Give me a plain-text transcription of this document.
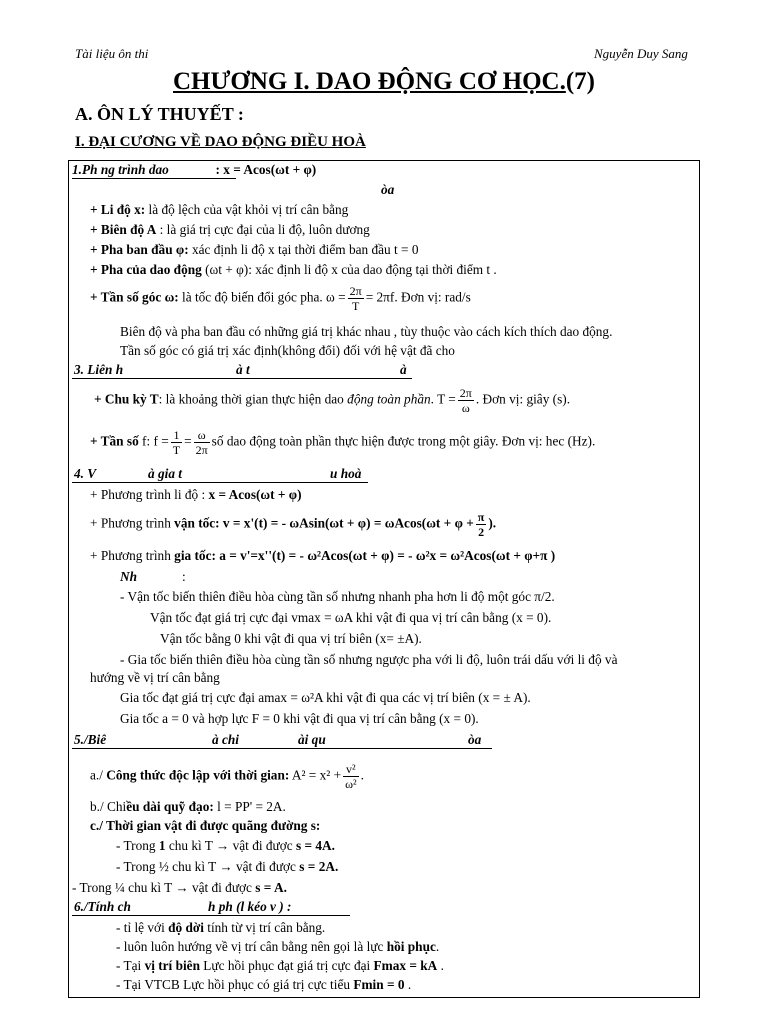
Tài liệu ôn thi	Nguyễn Duy Sang
CHƯƠNG I. DAO ĐỘNG CƠ HỌC.(7)
A. ÔN LÝ THUYẾT :
I. ĐẠI CƯƠNG VỀ DAO ĐỘNG ĐIỀU HOÀ
1.Ph ng trình dao	: x = Acos(ωt + φ)
òa
+ Li độ x: là độ lệch của vật khỏi vị trí cân bằng
+ Biên độ A : là giá trị cực đại của li độ, luôn dương
+ Pha ban đầu φ: xác định li độ x tại thời điểm ban đầu t = 0
+ Pha của dao động (ωt + φ): xác định li độ x của dao động tại thời điểm t .
+ Tần số góc ω: là tốc độ biến đổi góc pha. $\omega = \frac{2\pi}{T} = 2\pi f$. Đơn vị: rad/s
Biên độ và pha ban đầu có những giá trị khác nhau , tùy thuộc vào cách kích thích dao động.
Tần số góc có giá trị xác định(không đổi) đối với hệ vật đã cho
3. Liên h	à t	à
+ Chu kỳ T: là khoảng thời gian thực hiện dao động toàn phần. $T = \frac{2\pi}{\omega}$ . Đơn vị: giây (s).
+ Tần số f: $f = \frac{1}{T} = \frac{\omega}{2\pi}$ số dao động toàn phần thực hiện được trong một giây. Đơn vị: hec (Hz).
4. V	à gia t	u hoà
+ Phương trình li độ : x = Acos(ωt + φ)
+ Phương trình vận tốc: v = x'(t) = - $\omega Asin(\omega t + \varphi) = \omega Acos(\omega t + \varphi + \frac{\pi}{2}$ ).
+ Phương trình gia tốc: a = v'=x''(t) = - ω²Acos(ωt + φ) = - ω²x = ω²Acos(ωt + φ+π )
Nh	:
- Vận tốc biến thiên điều hòa cùng tần số nhưng nhanh pha hơn li độ một góc π/2.
Vận tốc đạt giá trị cực đại vmax = ωA khi vật đi qua vị trí cân bằng (x = 0).
Vận tốc bằng 0 khi vật đi qua vị trí biên (x= ±A).
- Gia tốc biến thiên điều hòa cùng tần số nhưng ngược pha với li độ, luôn trái dấu với li độ và
hướng về vị trí cân bằng
Gia tốc đạt giá trị cực đại amax = ω²A khi vật đi qua các vị trí biên (x = ± A).
Gia tốc a = 0 và hợp lực F = 0 khi vật đi qua vị trí cân bằng (x = 0).
5./Biê	à chi	ài qu	òa
a./ Công thức độc lập với thời gian: $A^2 = x^2 + \frac{\text{v²}}{\text{ω²}}$ .
b./ Chiều dài quỹ đạo: l = PP' = 2A.
c./ Thời gian vật đi được quãng đường s:
- Trong 1 chu kì T → vật đi được s = 4A.
- Trong ½ chu kì T → vật đi được s = 2A.
- Trong ¼ chu kì T → vật đi được s = A.
6./Tính ch	h ph (l kéo v ) :
- tỉ lệ với độ dời tính từ vị trí cân bằng.
- luôn luôn hướng về vị trí cân bằng nên gọi là lực hồi phục.
- Tại vị trí biên Lực hồi phục đạt giá trị cực đại Fmax = kA .
- Tại VTCB Lực hồi phục có giá trị cực tiểu Fmin = 0 .
